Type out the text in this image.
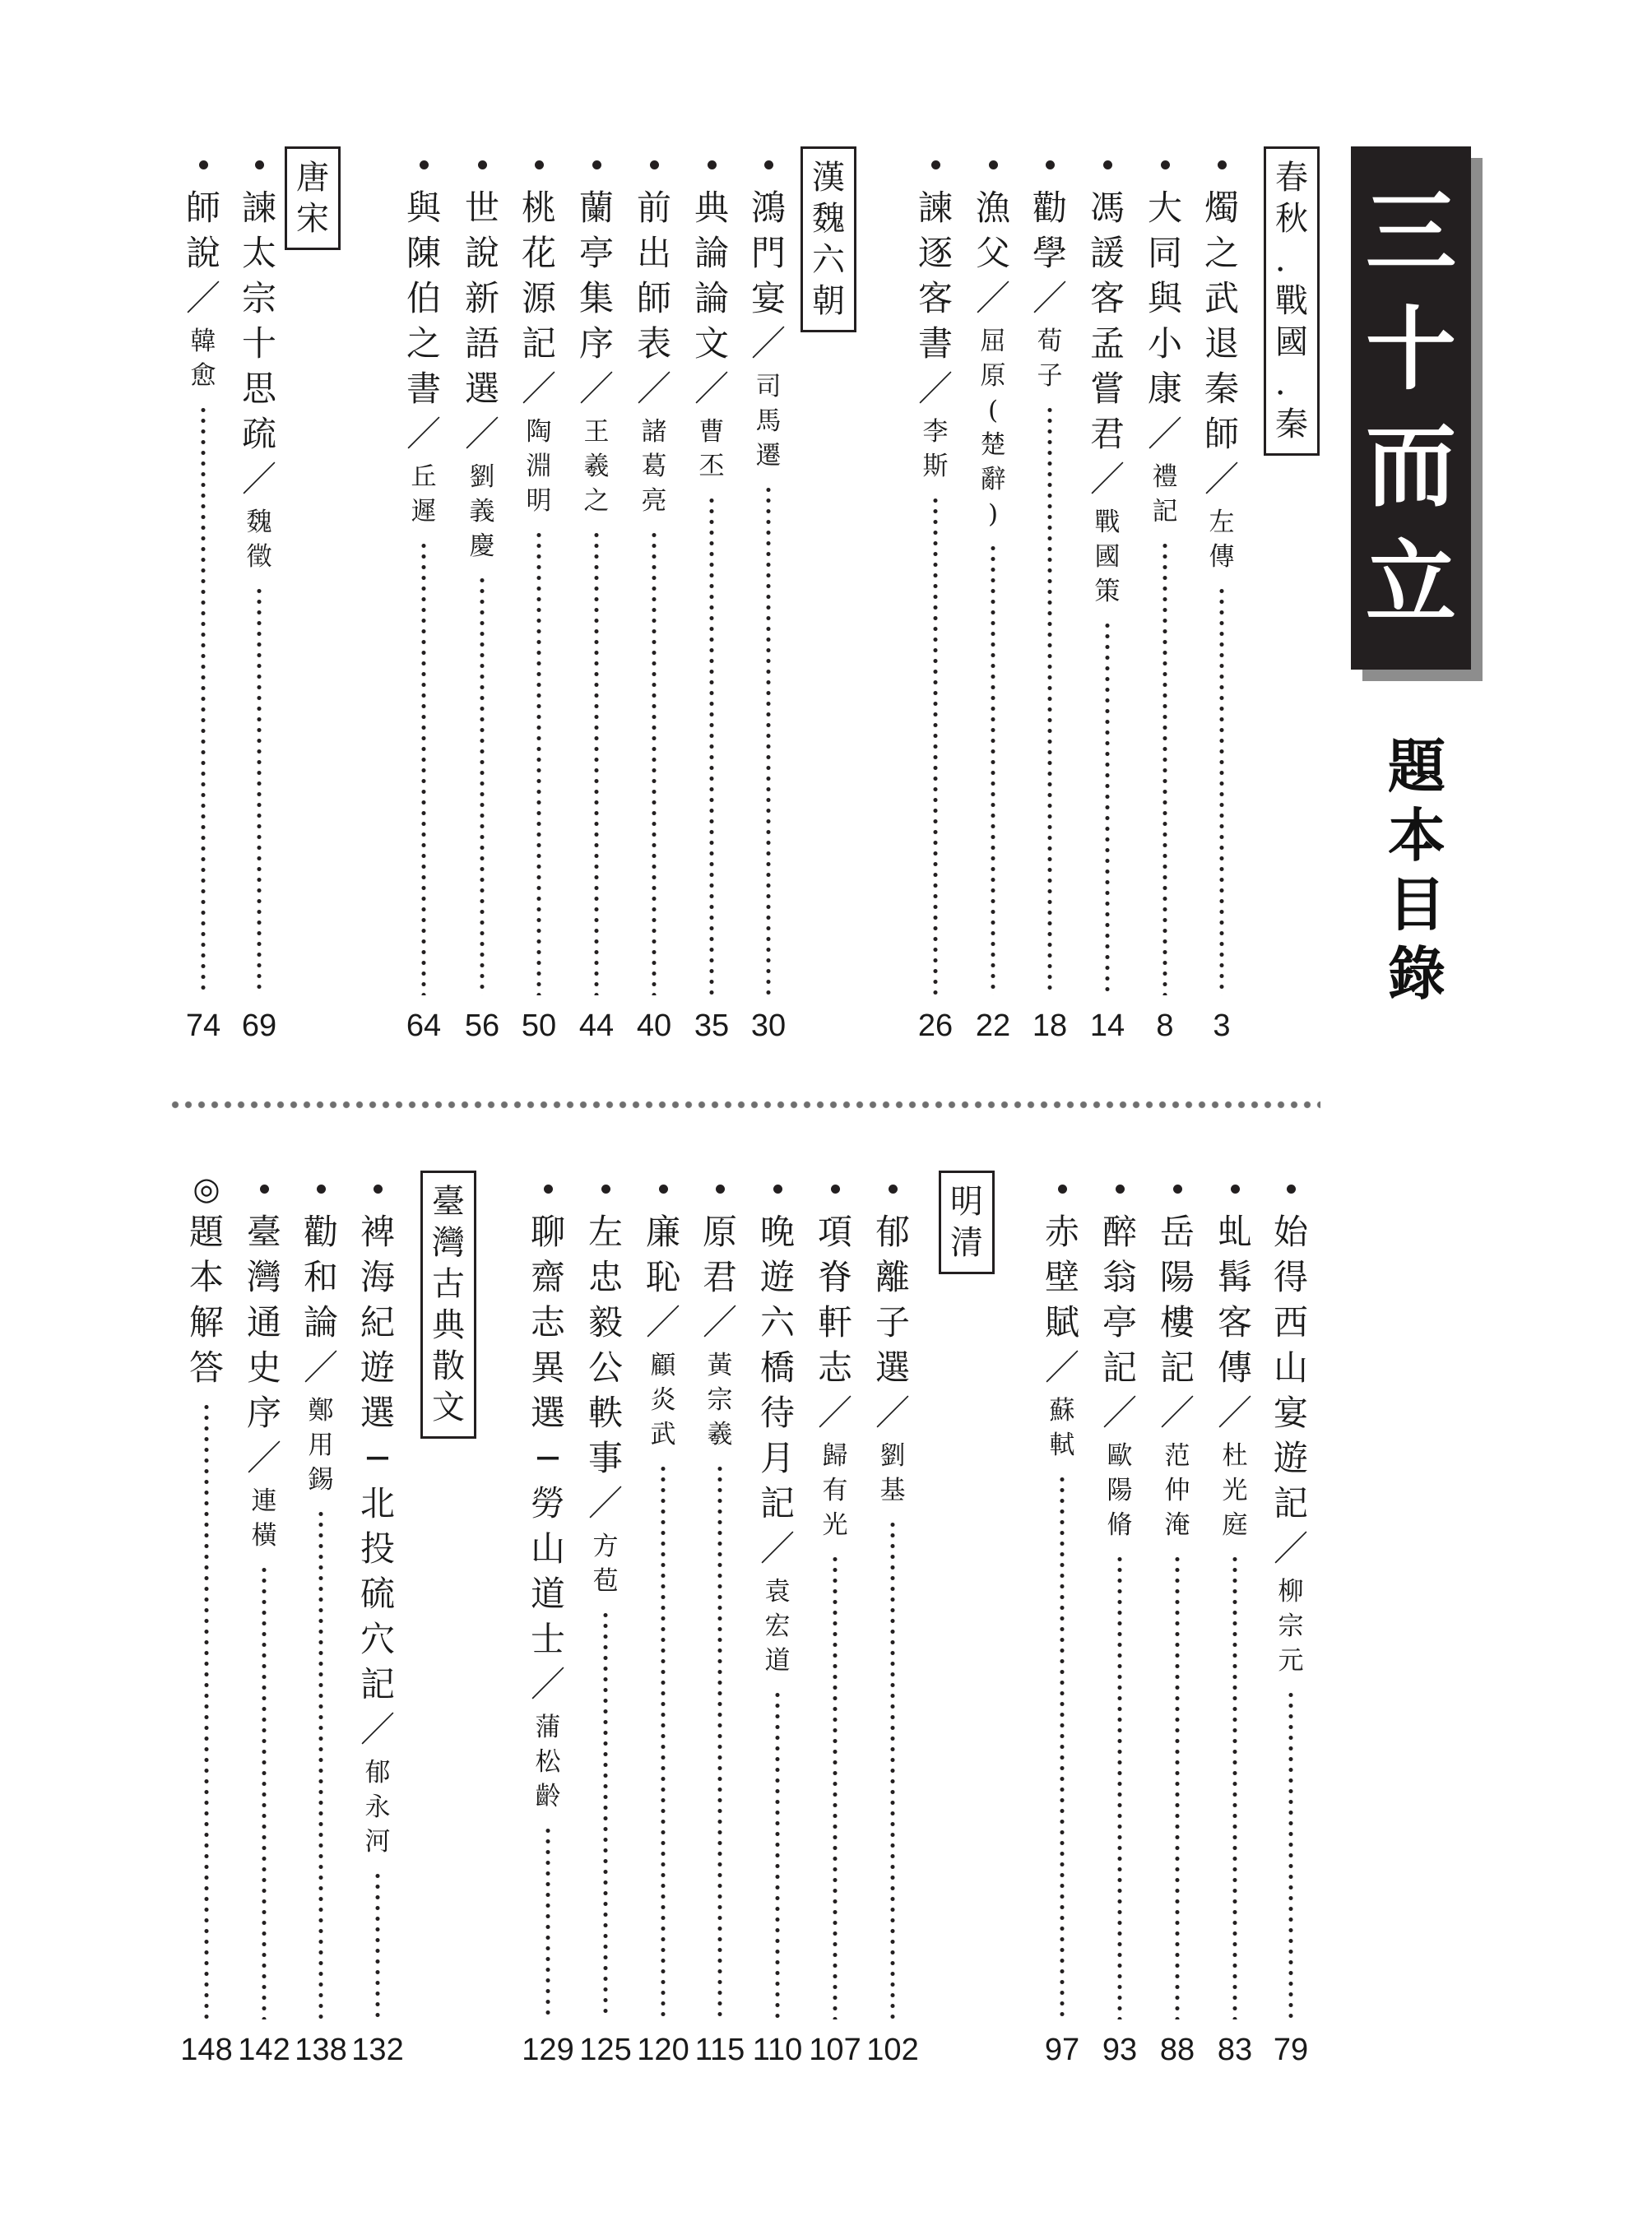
三
十
而
立
題
本
目
錄
春
秋
．
戰
國
．
秦
漢
魏
六
朝
唐
宋
明
清
臺
灣
古
典
散
文
燭
之
武
退
秦
師
／
左
傳
3
大
同
與
小
康
／
禮
記
8
馮
諼
客
孟
嘗
君
／
戰
國
策
14
勸
學
／
荀
子
18
漁
父
／
屈
原
(
楚
辭
)
22
諫
逐
客
書
／
李
斯
26
鴻
門
宴
／
司
馬
遷
30
典
論
論
文
／
曹
丕
35
前
出
師
表
／
諸
葛
亮
40
蘭
亭
集
序
／
王
羲
之
44
桃
花
源
記
／
陶
淵
明
50
世
說
新
語
選
／
劉
義
慶
56
與
陳
伯
之
書
／
丘
遲
64
諫
太
宗
十
思
疏
／
魏
徵
69
師
說
／
韓
愈
74
始
得
西
山
宴
遊
記
／
柳
宗
元
79
虬
髯
客
傳
／
杜
光
庭
83
岳
陽
樓
記
／
范
仲
淹
88
醉
翁
亭
記
／
歐
陽
脩
93
赤
壁
賦
／
蘇
軾
97
郁
離
子
選
／
劉
基
102
項
脊
軒
志
／
歸
有
光
107
晚
遊
六
橋
待
月
記
／
袁
宏
道
110
原
君
／
黃
宗
羲
115
廉
恥
／
顧
炎
武
120
左
忠
毅
公
軼
事
／
方
苞
125
聊
齋
志
異
選
─
勞
山
道
士
／
蒲
松
齡
129
裨
海
紀
遊
選
─
北
投
硫
穴
記
／
郁
永
河
132
勸
和
論
／
鄭
用
錫
138
臺
灣
通
史
序
／
連
橫
142
◎
題
本
解
答
148
